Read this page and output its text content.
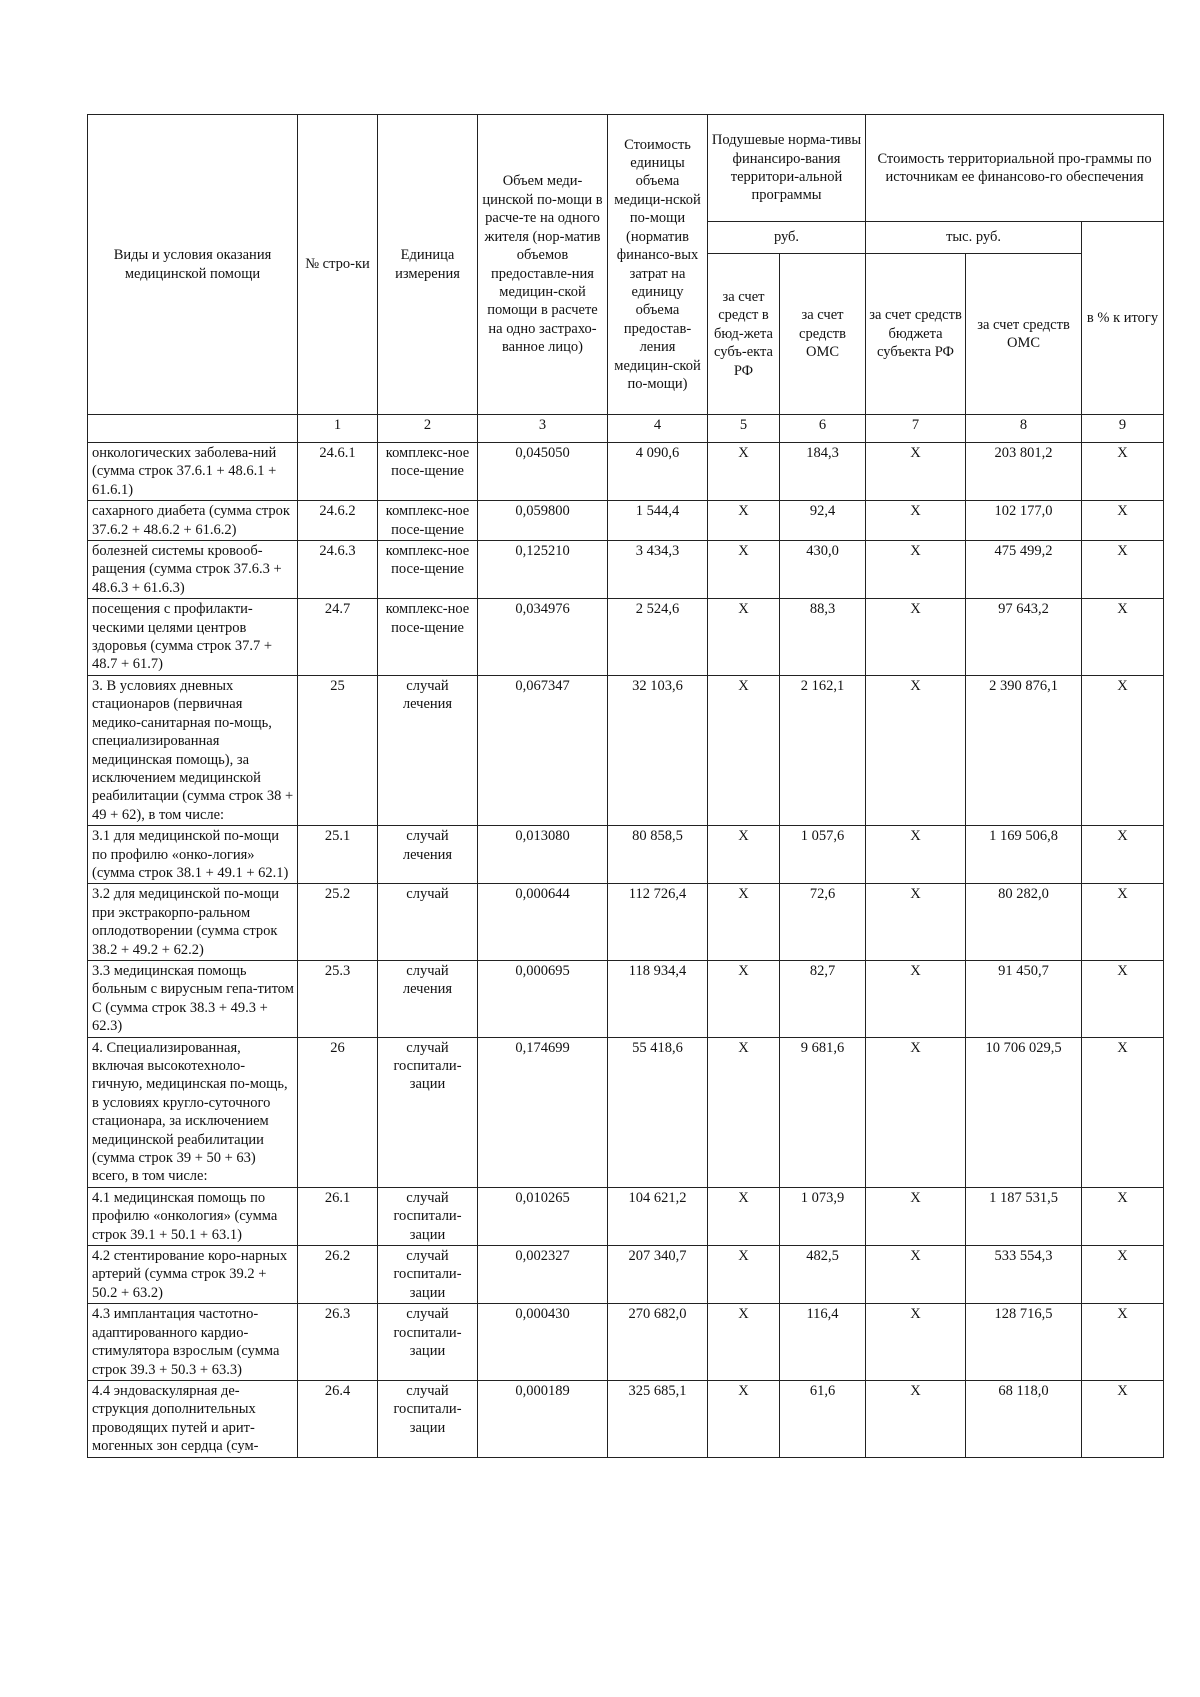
Виды и условия оказания медицинской помощи	№ стро-ки	Единица измерения	Объем меди-цинской по-мощи в расче-те на одного жителя (нор-матив объемов предоставле-ния медицин-ской помощи в расчете на одно застрахо-ванное лицо)	Стоимость единицы объема медици-нской по-мощи (норматив финансо-вых затрат на единицу объема предостав-ления медицин-ской по-мощи)	Подушевые норма-тивы финансиро-вания территори-альной программы		Стоимость территориальной про-граммы по источникам ее финансово-го обеспечения		
					руб.		тыс. руб.		в % к итогу
					за счет средст в бюд-жета субъ-екта РФ	за счет средств ОМС	за счет средств бюджета субъекта РФ	за счет средств ОМС	
	1	2	3	4	5	6	7	8	9
онкологических заболева-ний (сумма строк 37.6.1 + 48.6.1 + 61.6.1)	24.6.1	комплекс-ное посе-щение	0,045050	4 090,6	Х	184,3	Х	203 801,2	Х
сахарного диабета (сумма строк 37.6.2 + 48.6.2 + 61.6.2)	24.6.2	комплекс-ное посе-щение	0,059800	1 544,4	Х	92,4	Х	102 177,0	Х
болезней системы кровооб-ращения (сумма строк 37.6.3 + 48.6.3 + 61.6.3)	24.6.3	комплекс-ное посе-щение	0,125210	3 434,3	Х	430,0	Х	475 499,2	Х
посещения с профилакти-ческими целями центров здоровья (сумма строк 37.7 + 48.7 + 61.7)	24.7	комплекс-ное посе-щение	0,034976	2 524,6	Х	88,3	Х	97 643,2	Х
3. В условиях дневных стационаров (первичная медико-санитарная по-мощь, специализированная медицинская помощь), за исключением медицинской реабилитации (сумма строк 38 + 49 + 62), в том числе:	25	случай лечения	0,067347	32 103,6	Х	2 162,1	Х	2 390 876,1	Х
3.1 для медицинской по-мощи по профилю «онко-логия» (сумма строк 38.1 + 49.1 + 62.1)	25.1	случай лечения	0,013080	80 858,5	Х	1 057,6	Х	1 169 506,8	Х
3.2 для медицинской по-мощи при экстракорпо-ральном оплодотворении (сумма строк 38.2 + 49.2 + 62.2)	25.2	случай	0,000644	112 726,4	Х	72,6	Х	80 282,0	Х
3.3 медицинская помощь больным с вирусным гепа-титом С (сумма строк 38.3 + 49.3 + 62.3)	25.3	случай лечения	0,000695	118 934,4	Х	82,7	Х	91 450,7	Х
4. Специализированная, включая высокотехноло-гичную, медицинская по-мощь, в условиях кругло-суточного стационара, за исключением медицинской реабилитации (сумма строк 39 + 50 + 63) всего, в том числе:	26	случай госпитали-зации	0,174699	55 418,6	Х	9 681,6	Х	10 706 029,5	Х
4.1 медицинская помощь по профилю «онкология» (сумма строк 39.1 + 50.1 + 63.1)	26.1	случай госпитали-зации	0,010265	104 621,2	Х	1 073,9	Х	1 187 531,5	Х
4.2 стентирование коро-нарных артерий (сумма строк 39.2 + 50.2 + 63.2)	26.2	случай госпитали-зации	0,002327	207 340,7	Х	482,5	Х	533 554,3	Х
4.3 имплантация частотно-адаптированного кардио-стимулятора взрослым (сумма строк 39.3 + 50.3 + 63.3)	26.3	случай госпитали-зации	0,000430	270 682,0	Х	116,4	Х	128 716,5	Х
4.4 эндоваскулярная де-струкция дополнительных проводящих путей и арит-могенных зон сердца (сум-	26.4	случай госпитали-зации	0,000189	325 685,1	Х	61,6	Х	68 118,0	Х
